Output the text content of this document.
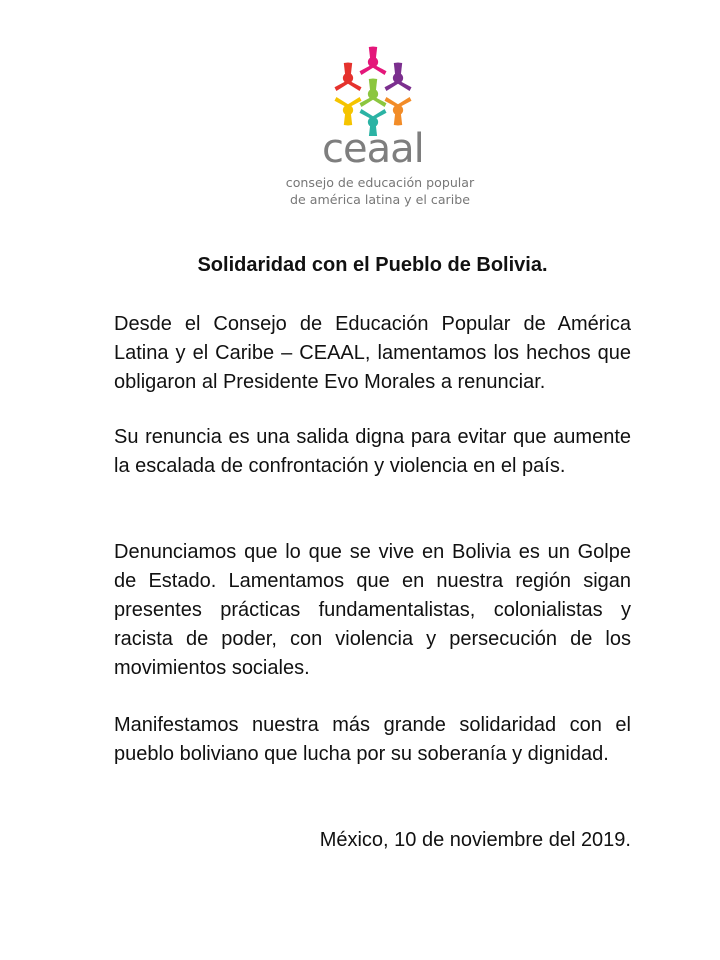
ceaal
consejo de educación popular
de américa latina y el caribe
Solidaridad con el Pueblo de Bolivia.
Desde el Consejo de Educación Popular de América Latina y el Caribe – CEAAL, lamentamos los hechos que obligaron al Presidente Evo Morales a renunciar.
Su renuncia es una salida digna para evitar que aumente la escalada de confrontación y violencia en el país.
Denunciamos que lo que se vive en Bolivia es un Golpe de Estado. Lamentamos que en nuestra región sigan presentes prácticas fundamentalistas, colonialistas y racista de poder, con violencia y persecución de los movimientos sociales.
Manifestamos nuestra más grande solidaridad con el pueblo boliviano que lucha por su soberanía y dignidad.
México, 10 de noviembre del 2019.
